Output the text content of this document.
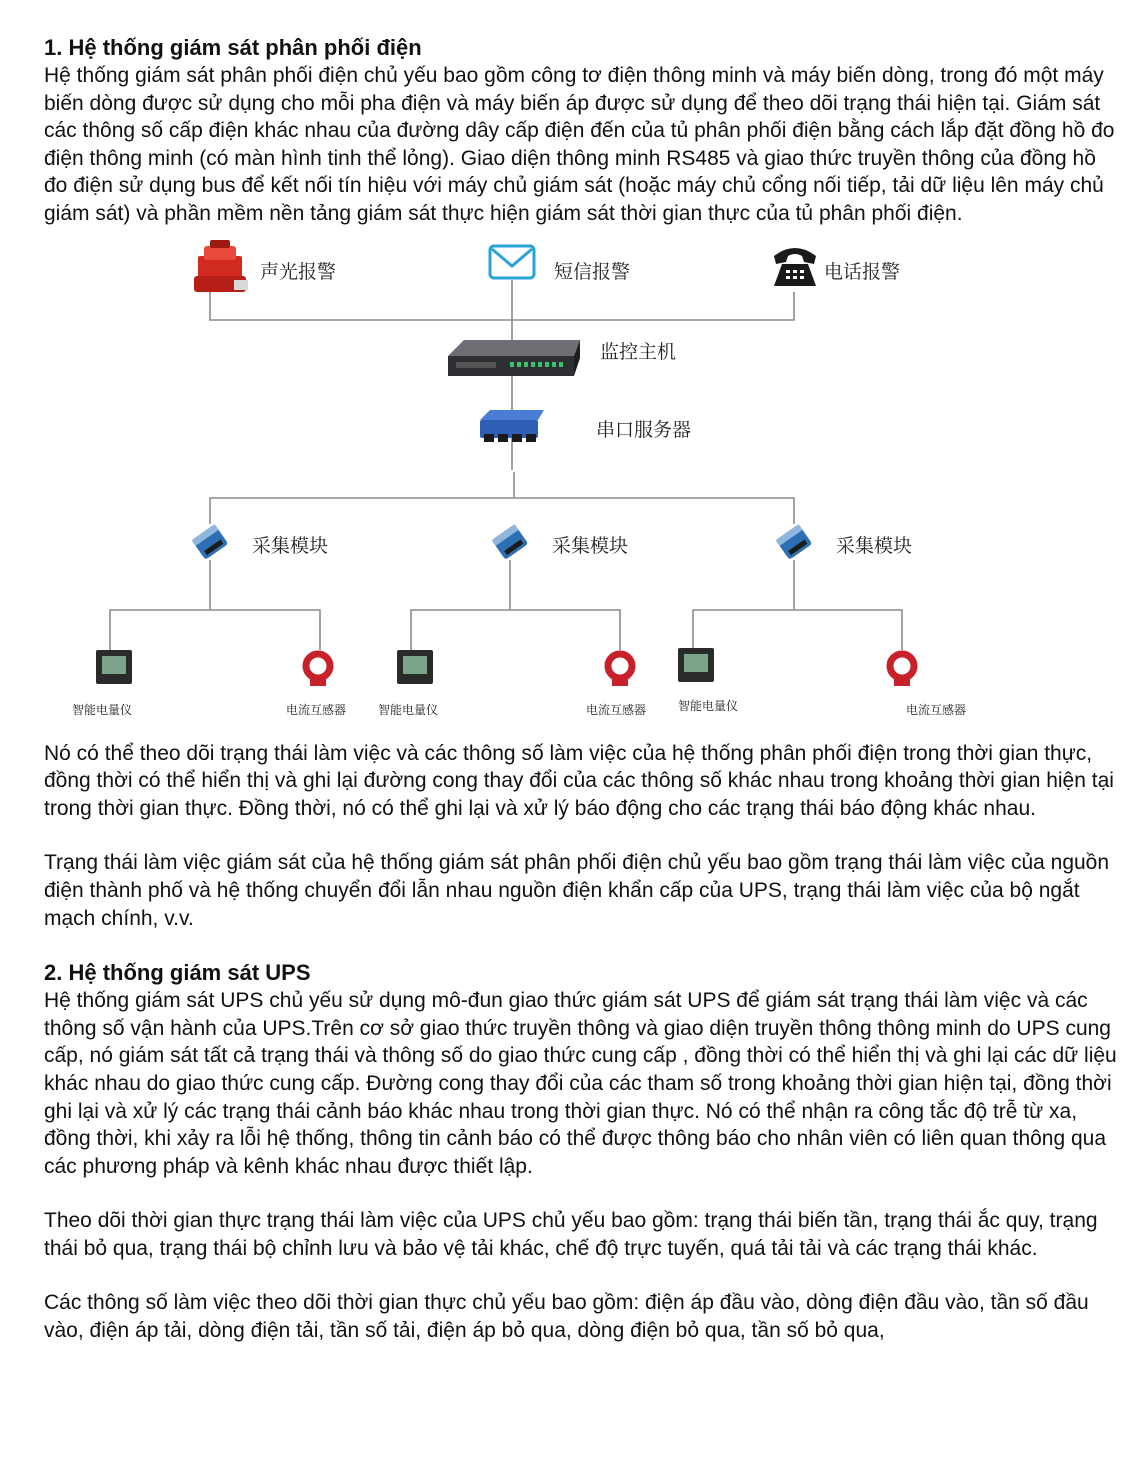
1. Hệ thống giám sát phân phối điện

Hệ thống giám sát phân phối điện chủ yếu bao gồm công tơ điện thông minh và máy biến dòng, trong đó một máy biến dòng được sử dụng cho mỗi pha điện và máy biến áp được sử dụng để theo dõi trạng thái hiện tại. Giám sát các thông số cấp điện khác nhau của đường dây cấp điện đến của tủ phân phối điện bằng cách lắp đặt đồng hồ đo điện thông minh (có màn hình tinh thể lỏng). Giao diện thông minh RS485 và giao thức truyền thông của đồng hồ đo điện sử dụng bus để kết nối tín hiệu với máy chủ giám sát (hoặc máy chủ cổng nối tiếp, tải dữ liệu lên máy chủ giám sát) và phần mềm nền tảng giám sát thực hiện giám sát thời gian thực của tủ phân phối điện.

声光报警	短信报警	电话报警
监控主机
串口服务器
采集模块	采集模块	采集模块
智能电量仪	电流互感器	智能电量仪	电流互感器	智能电量仪	电流互感器

Nó có thể theo dõi trạng thái làm việc và các thông số làm việc của hệ thống phân phối điện trong thời gian thực, đồng thời có thể hiển thị và ghi lại đường cong thay đổi của các thông số khác nhau trong khoảng thời gian hiện tại trong thời gian thực. Đồng thời, nó có thể ghi lại và xử lý báo động cho các trạng thái báo động khác nhau.

Trạng thái làm việc giám sát của hệ thống giám sát phân phối điện chủ yếu bao gồm trạng thái làm việc của nguồn điện thành phố và hệ thống chuyển đổi lẫn nhau nguồn điện khẩn cấp của UPS, trạng thái làm việc của bộ ngắt mạch chính, v.v.

2. Hệ thống giám sát UPS

Hệ thống giám sát UPS chủ yếu sử dụng mô-đun giao thức giám sát UPS để giám sát trạng thái làm việc và các thông số vận hành của UPS.Trên cơ sở giao thức truyền thông và giao diện truyền thông thông minh do UPS cung cấp, nó giám sát tất cả trạng thái và thông số do giao thức cung cấp , đồng thời có thể hiển thị và ghi lại các dữ liệu khác nhau do giao thức cung cấp. Đường cong thay đổi của các tham số trong khoảng thời gian hiện tại, đồng thời ghi lại và xử lý các trạng thái cảnh báo khác nhau trong thời gian thực. Nó có thể nhận ra công tắc độ trễ từ xa, đồng thời, khi xảy ra lỗi hệ thống, thông tin cảnh báo có thể được thông báo cho nhân viên có liên quan thông qua các phương pháp và kênh khác nhau được thiết lập.

Theo dõi thời gian thực trạng thái làm việc của UPS chủ yếu bao gồm: trạng thái biến tần, trạng thái ắc quy, trạng thái bỏ qua, trạng thái bộ chỉnh lưu và bảo vệ tải khác, chế độ trực tuyến, quá tải tải và các trạng thái khác.

Các thông số làm việc theo dõi thời gian thực chủ yếu bao gồm: điện áp đầu vào, dòng điện đầu vào, tần số đầu vào, điện áp tải, dòng điện tải, tần số tải, điện áp bỏ qua, dòng điện bỏ qua, tần số bỏ qua,
